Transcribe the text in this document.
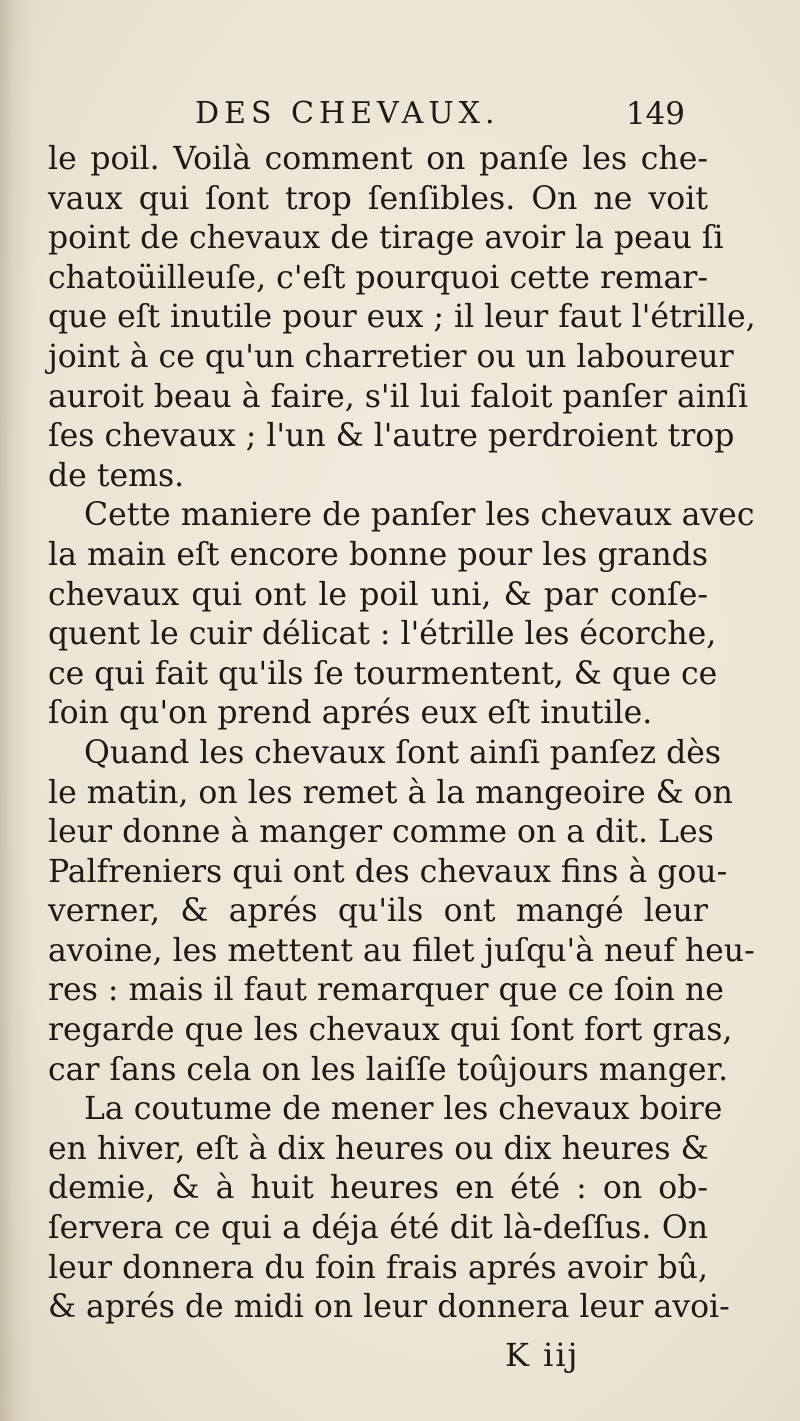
DES CHEVAUX.	149
le poil. Voilà comment on panſe les che-
vaux qui ſont trop ſenſibles. On ne voit
point de chevaux de tirage avoir la peau ſi
chatoüilleuſe, c'eſt pourquoi cette remar-
que eſt inutile pour eux ; il leur faut l'étrille,
joint à ce qu'un charretier ou un laboureur
auroit beau à faire, s'il lui faloit panſer ainſi
ſes chevaux ; l'un & l'autre perdroient trop
de tems.
Cette maniere de panſer les chevaux avec
la main eſt encore bonne pour les grands
chevaux qui ont le poil uni, & par conſe-
quent le cuir délicat : l'étrille les écorche,
ce qui fait qu'ils ſe tourmentent, & que ce
ſoin qu'on prend aprés eux eſt inutile.
Quand les chevaux ſont ainſi panſez dès
le matin, on les remet à la mangeoire & on
leur donne à manger comme on a dit. Les
Palfreniers qui ont des chevaux fins à gou-
verner, & aprés qu'ils ont mangé leur
avoine, les mettent au filet juſqu'à neuf heu-
res : mais il faut remarquer que ce ſoin ne
regarde que les chevaux qui ſont fort gras,
car ſans cela on les laiſſe toûjours manger.
La coutume de mener les chevaux boire
en hiver, eſt à dix heures ou dix heures &
demie, & à huit heures en été : on ob-
ſervera ce qui a déja été dit là-deſſus. On
leur donnera du foin frais aprés avoir bû,
& aprés de midi on leur donnera leur avoi-
K iij
